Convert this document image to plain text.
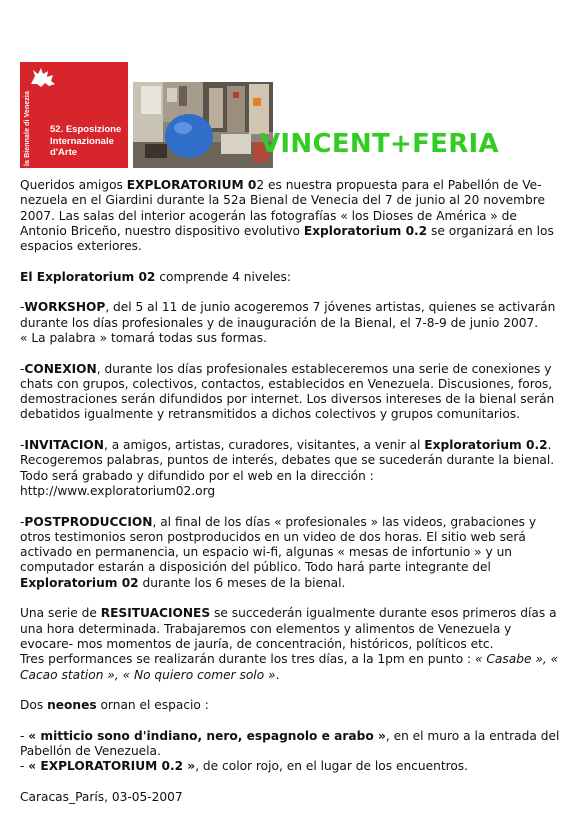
la Biennale di Venezia 52. Esposizione
Internazionale
d'Arte	VINCENT+FERIA

Queridos amigos EXPLORATORIUM 02 es nuestra propuesta para el Pabellón de Ve- nezuela en el Giardini durante la 52a Bienal de Venecia del 7 de junio al 20 novembre 2007. Las salas del interior acogerán las fotografías « los Dioses de América » de Antonio Briceño, nuestro dispositivo evolutivo Exploratorium 0.2 se organizará en los espacios exteriores.

El Exploratorium 02 comprende 4 niveles:

-WORKSHOP, del 5 al 11 de junio acogeremos 7 jóvenes artistas, quienes se activarán durante los días profesionales y de inauguración de la Bienal, el 7-8-9 de junio 2007.
« La palabra » tomará todas sus formas.

-CONEXION, durante los días profesionales estableceremos una serie de conexiones y chats con grupos, colectivos, contactos, establecidos en Venezuela. Discusiones, foros, demostraciones serán difundidos por internet. Los diversos intereses de la bienal serán debatidos igualmente y retransmitidos a dichos colectivos y grupos comunitarios.

-INVITACION, a amigos, artistas, curadores, visitantes, a venir al Exploratorium 0.2. Recogeremos palabras, puntos de interés, debates que se sucederán durante la bienal. Todo será grabado y difundido por el web en la dirección :
http://www.exploratorium02.org

-POSTPRODUCCION, al final de los días « profesionales » las videos, grabaciones y otros testimonios seron postproducidos en un video de dos horas. El sitio web será activado en permanencia, un espacio wi-fi, algunas « mesas de infortunio » y un computador estarán a disposición del público. Todo hará parte integrante del Exploratorium 02 durante los 6 meses de la bienal.

Una serie de RESITUACIONES se succederán igualmente durante esos primeros días a una hora determinada. Trabajaremos con elementos y alimentos de Venezuela y evocare- mos momentos de jauría, de concentración, históricos, políticos etc.
Tres performances se realizarán durante los tres días, a la 1pm en punto : « Casabe », « Cacao station », « No quiero comer solo ».

Dos neones ornan el espacio :

- « mitticio sono d'indiano, nero, espagnolo e arabo », en el muro a la entrada del Pabellón de Venezuela.
- « EXPLORATORIUM 0.2 », de color rojo, en el lugar de los encuentros.

Caracas_París, 03-05-2007
